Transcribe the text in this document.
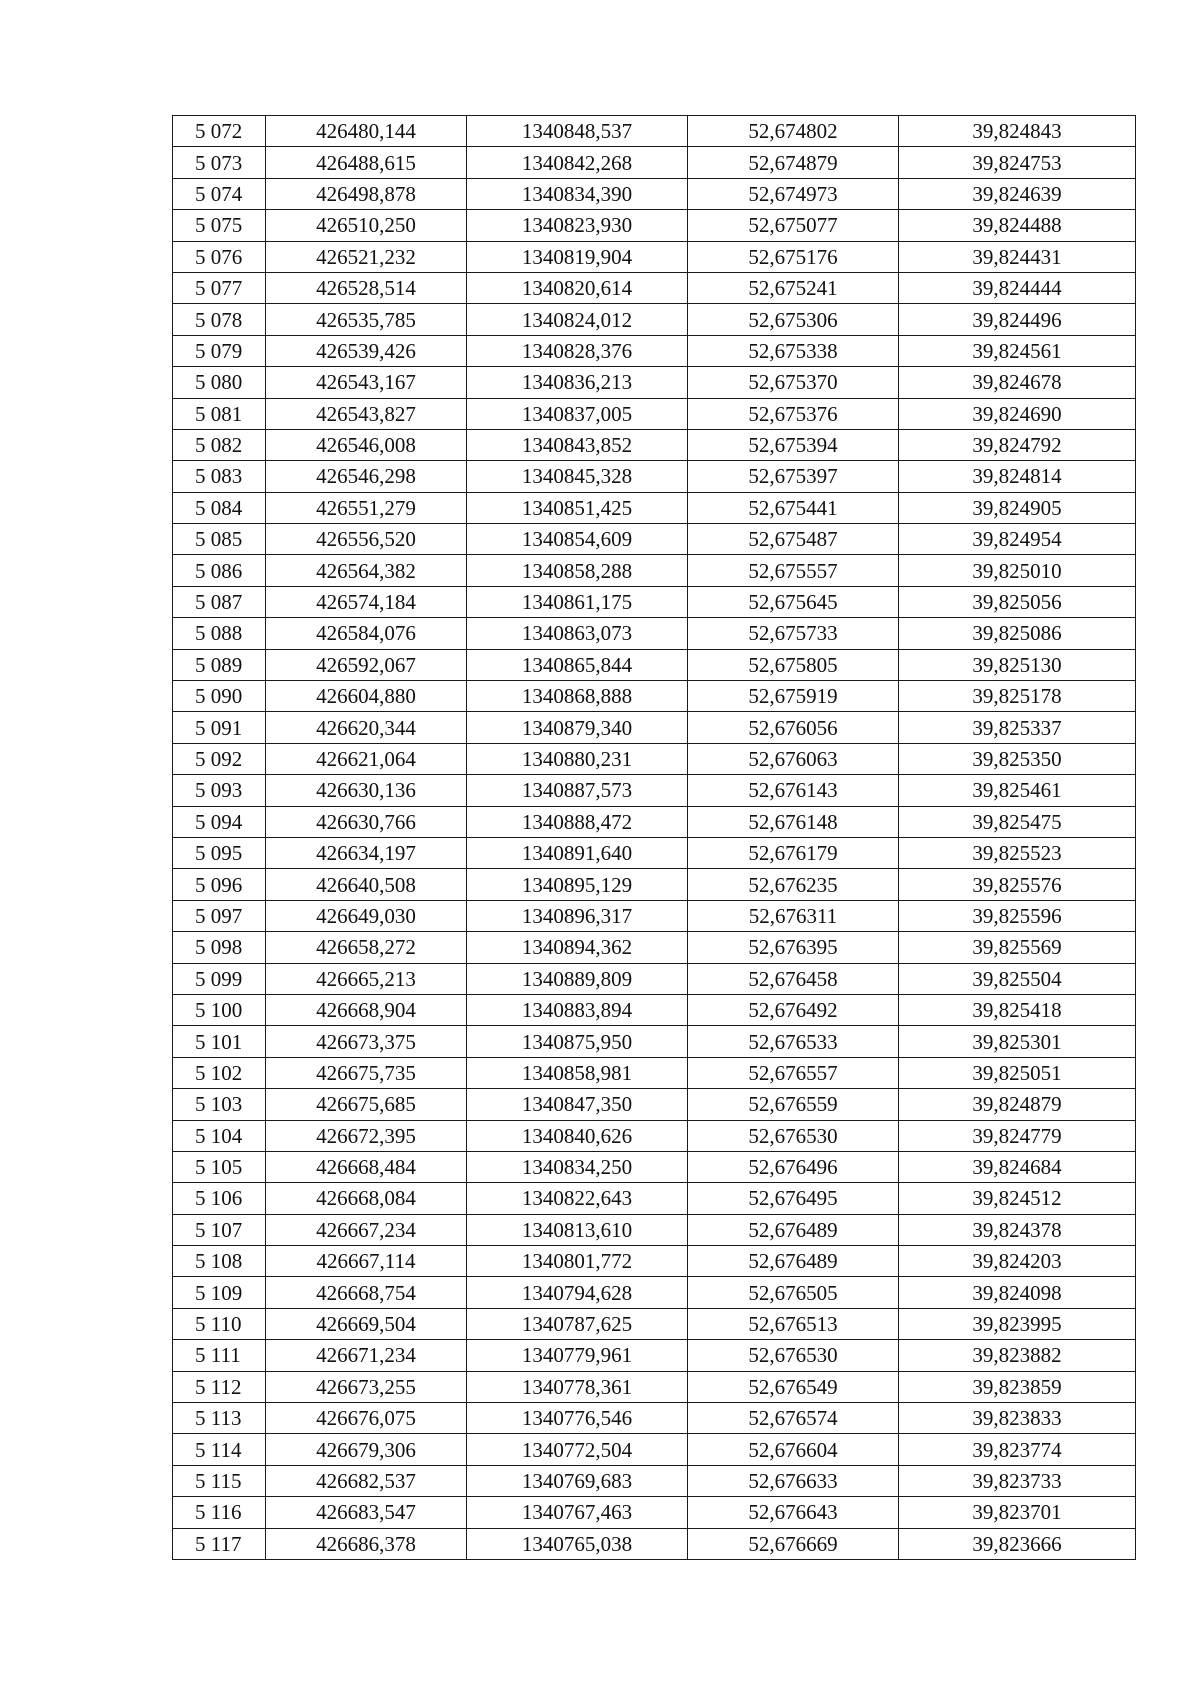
5 072	426480,144	1340848,537	52,674802	39,824843
5 073	426488,615	1340842,268	52,674879	39,824753
5 074	426498,878	1340834,390	52,674973	39,824639
5 075	426510,250	1340823,930	52,675077	39,824488
5 076	426521,232	1340819,904	52,675176	39,824431
5 077	426528,514	1340820,614	52,675241	39,824444
5 078	426535,785	1340824,012	52,675306	39,824496
5 079	426539,426	1340828,376	52,675338	39,824561
5 080	426543,167	1340836,213	52,675370	39,824678
5 081	426543,827	1340837,005	52,675376	39,824690
5 082	426546,008	1340843,852	52,675394	39,824792
5 083	426546,298	1340845,328	52,675397	39,824814
5 084	426551,279	1340851,425	52,675441	39,824905
5 085	426556,520	1340854,609	52,675487	39,824954
5 086	426564,382	1340858,288	52,675557	39,825010
5 087	426574,184	1340861,175	52,675645	39,825056
5 088	426584,076	1340863,073	52,675733	39,825086
5 089	426592,067	1340865,844	52,675805	39,825130
5 090	426604,880	1340868,888	52,675919	39,825178
5 091	426620,344	1340879,340	52,676056	39,825337
5 092	426621,064	1340880,231	52,676063	39,825350
5 093	426630,136	1340887,573	52,676143	39,825461
5 094	426630,766	1340888,472	52,676148	39,825475
5 095	426634,197	1340891,640	52,676179	39,825523
5 096	426640,508	1340895,129	52,676235	39,825576
5 097	426649,030	1340896,317	52,676311	39,825596
5 098	426658,272	1340894,362	52,676395	39,825569
5 099	426665,213	1340889,809	52,676458	39,825504
5 100	426668,904	1340883,894	52,676492	39,825418
5 101	426673,375	1340875,950	52,676533	39,825301
5 102	426675,735	1340858,981	52,676557	39,825051
5 103	426675,685	1340847,350	52,676559	39,824879
5 104	426672,395	1340840,626	52,676530	39,824779
5 105	426668,484	1340834,250	52,676496	39,824684
5 106	426668,084	1340822,643	52,676495	39,824512
5 107	426667,234	1340813,610	52,676489	39,824378
5 108	426667,114	1340801,772	52,676489	39,824203
5 109	426668,754	1340794,628	52,676505	39,824098
5 110	426669,504	1340787,625	52,676513	39,823995
5 111	426671,234	1340779,961	52,676530	39,823882
5 112	426673,255	1340778,361	52,676549	39,823859
5 113	426676,075	1340776,546	52,676574	39,823833
5 114	426679,306	1340772,504	52,676604	39,823774
5 115	426682,537	1340769,683	52,676633	39,823733
5 116	426683,547	1340767,463	52,676643	39,823701
5 117	426686,378	1340765,038	52,676669	39,823666
